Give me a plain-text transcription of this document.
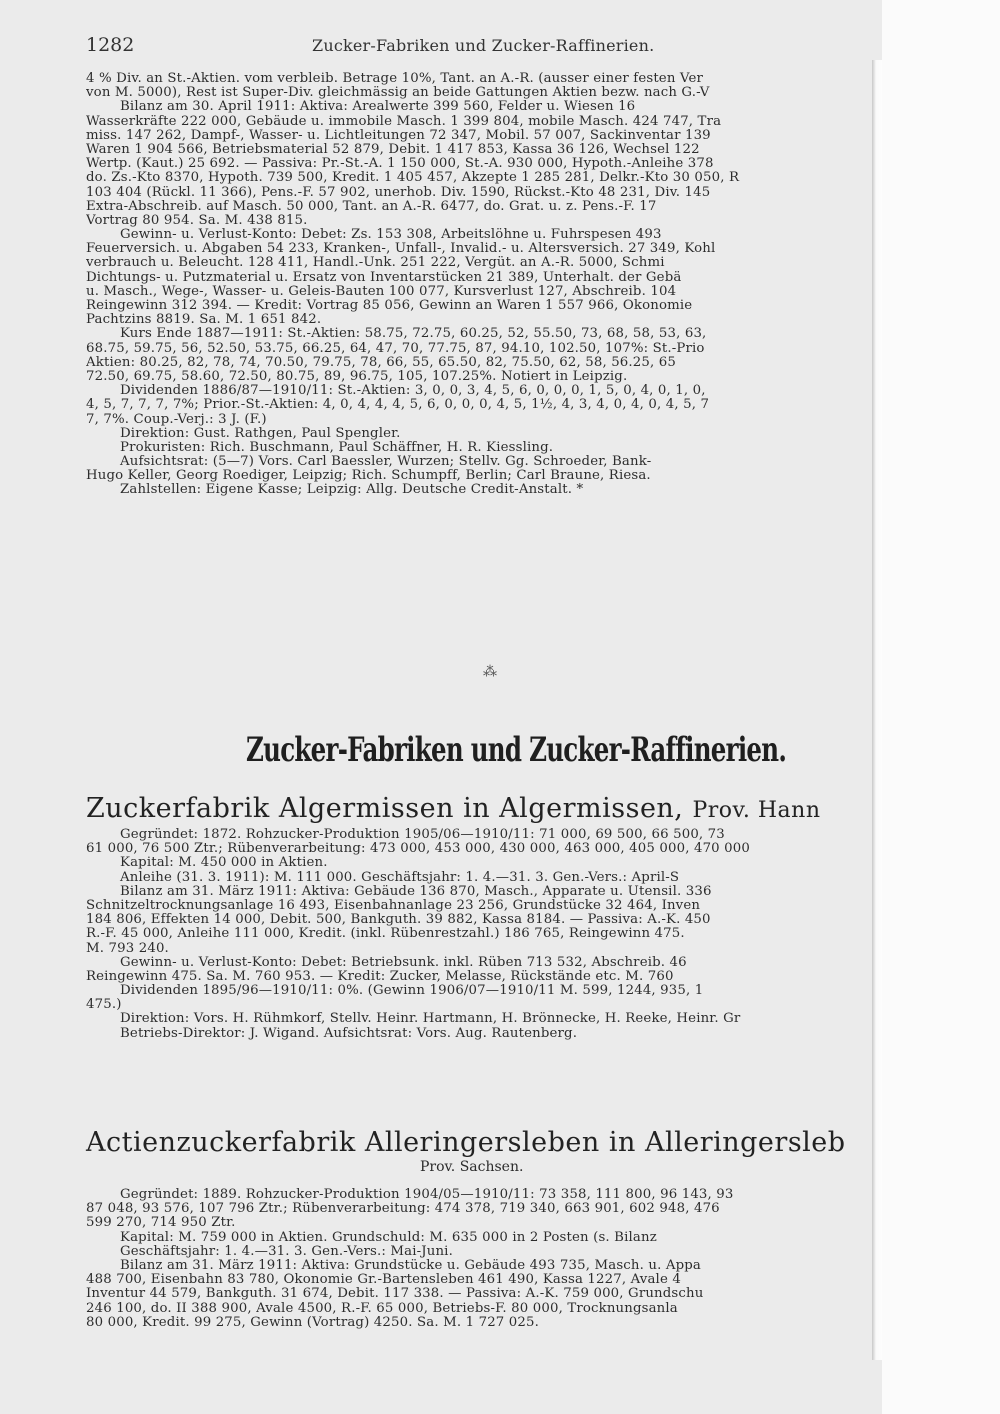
1282	Zucker-Fabriken und Zucker-Raffinerien.
4 % Div. an St.-Aktien. vom verbleib. Betrage 10%, Tant. an A.-R. (ausser einer festen Ver
von M. 5000), Rest ist Super-Div. gleichmässig an beide Gattungen Aktien bezw. nach G.-V
Bilanz am 30. April 1911: Aktiva: Arealwerte 399 560, Felder u. Wiesen 16
Wasserkräfte 222 000, Gebäude u. immobile Masch. 1 399 804, mobile Masch. 424 747, Tra
miss. 147 262, Dampf-, Wasser- u. Lichtleitungen 72 347, Mobil. 57 007, Sackinventar 139
Waren 1 904 566, Betriebsmaterial 52 879, Debit. 1 417 853, Kassa 36 126, Wechsel 122
Wertp. (Kaut.) 25 692. — Passiva: Pr.-St.-A. 1 150 000, St.-A. 930 000, Hypoth.-Anleihe 378
do. Zs.-Kto 8370, Hypoth. 739 500, Kredit. 1 405 457, Akzepte 1 285 281, Delkr.-Kto 30 050, R
103 404 (Rückl. 11 366), Pens.-F. 57 902, unerhob. Div. 1590, Rückst.-Kto 48 231, Div. 145
Extra-Abschreib. auf Masch. 50 000, Tant. an A.-R. 6477, do. Grat. u. z. Pens.-F. 17
Vortrag 80 954. Sa. M. 438 815.
Gewinn- u. Verlust-Konto: Debet: Zs. 153 308, Arbeitslöhne u. Fuhrspesen 493
Feuerversich. u. Abgaben 54 233, Kranken-, Unfall-, Invalid.- u. Altersversich. 27 349, Kohl
verbrauch u. Beleucht. 128 411, Handl.-Unk. 251 222, Vergüt. an A.-R. 5000, Schmi
Dichtungs- u. Putzmaterial u. Ersatz von Inventarstücken 21 389, Unterhalt. der Gebä
u. Masch., Wege-, Wasser- u. Geleis-Bauten 100 077, Kursverlust 127, Abschreib. 104
Reingewinn 312 394. — Kredit: Vortrag 85 056, Gewinn an Waren 1 557 966, Ökonomie
Pachtzins 8819. Sa. M. 1 651 842.
Kurs Ende 1887—1911: St.-Aktien: 58.75, 72.75, 60.25, 52, 55.50, 73, 68, 58, 53, 63,
68.75, 59.75, 56, 52.50, 53.75, 66.25, 64, 47, 70, 77.75, 87, 94.10, 102.50, 107%: St.-Prio
Aktien: 80.25, 82, 78, 74, 70.50, 79.75, 78, 66, 55, 65.50, 82, 75.50, 62, 58, 56.25, 65
72.50, 69.75, 58.60, 72.50, 80.75, 89, 96.75, 105, 107.25%. Notiert in Leipzig.
Dividenden 1886/87—1910/11: St.-Aktien: 3, 0, 0, 3, 4, 5, 6, 0, 0, 0, 1, 5, 0, 4, 0, 1, 0,
4, 5, 7, 7, 7, 7%; Prior.-St.-Aktien: 4, 0, 4, 4, 4, 5, 6, 0, 0, 0, 4, 5, 1½, 4, 3, 4, 0, 4, 0, 4, 5, 7
7, 7%. Coup.-Verj.: 3 J. (F.)
Direktion: Gust. Rathgen, Paul Spengler.
Prokuristen: Rich. Buschmann, Paul Schäffner, H. R. Kiessling.
Aufsichtsrat: (5—7) Vors. Carl Baessler, Wurzen; Stellv. Gg. Schroeder, Bank-
Hugo Keller, Georg Roediger, Leipzig; Rich. Schumpff, Berlin; Carl Braune, Riesa.
Zahlstellen: Eigene Kasse; Leipzig: Allg. Deutsche Credit-Anstalt. *
⁂
Zucker-Fabriken und Zucker-Raffinerien.
Zuckerfabrik Algermissen in Algermissen, Prov. Hann
Gegründet: 1872. Rohzucker-Produktion 1905/06—1910/11: 71 000, 69 500, 66 500, 73
61 000, 76 500 Ztr.; Rübenverarbeitung: 473 000, 453 000, 430 000, 463 000, 405 000, 470 000
Kapital: M. 450 000 in Aktien.
Anleihe (31. 3. 1911): M. 111 000. Geschäftsjahr: 1. 4.—31. 3. Gen.-Vers.: April-S
Bilanz am 31. März 1911: Aktiva: Gebäude 136 870, Masch., Apparate u. Utensil. 336
Schnitzeltrocknungsanlage 16 493, Eisenbahnanlage 23 256, Grundstücke 32 464, Inven
184 806, Effekten 14 000, Debit. 500, Bankguth. 39 882, Kassa 8184. — Passiva: A.-K. 450
R.-F. 45 000, Anleihe 111 000, Kredit. (inkl. Rübenrestzahl.) 186 765, Reingewinn 475.
M. 793 240.
Gewinn- u. Verlust-Konto: Debet: Betriebsunk. inkl. Rüben 713 532, Abschreib. 46
Reingewinn 475. Sa. M. 760 953. — Kredit: Zucker, Melasse, Rückstände etc. M. 760
Dividenden 1895/96—1910/11: 0%. (Gewinn 1906/07—1910/11 M. 599, 1244, 935, 1
475.)
Direktion: Vors. H. Rühmkorf, Stellv. Heinr. Hartmann, H. Brönnecke, H. Reeke, Heinr. Gr
Betriebs-Direktor: J. Wigand. Aufsichtsrat: Vors. Aug. Rautenberg.
Actienzuckerfabrik Alleringersleben in Alleringersleb
Prov. Sachsen.
Gegründet: 1889. Rohzucker-Produktion 1904/05—1910/11: 73 358, 111 800, 96 143, 93
87 048, 93 576, 107 796 Ztr.; Rübenverarbeitung: 474 378, 719 340, 663 901, 602 948, 476
599 270, 714 950 Ztr.
Kapital: M. 759 000 in Aktien. Grundschuld: M. 635 000 in 2 Posten (s. Bilanz
Geschäftsjahr: 1. 4.—31. 3. Gen.-Vers.: Mai-Juni.
Bilanz am 31. März 1911: Aktiva: Grundstücke u. Gebäude 493 735, Masch. u. Appa
488 700, Eisenbahn 83 780, Ökonomie Gr.-Bartensleben 461 490, Kassa 1227, Avale 4
Inventur 44 579, Bankguth. 31 674, Debit. 117 338. — Passiva: A.-K. 759 000, Grundschu
246 100, do. II 388 900, Avale 4500, R.-F. 65 000, Betriebs-F. 80 000, Trocknungsanla
80 000, Kredit. 99 275, Gewinn (Vortrag) 4250. Sa. M. 1 727 025.
